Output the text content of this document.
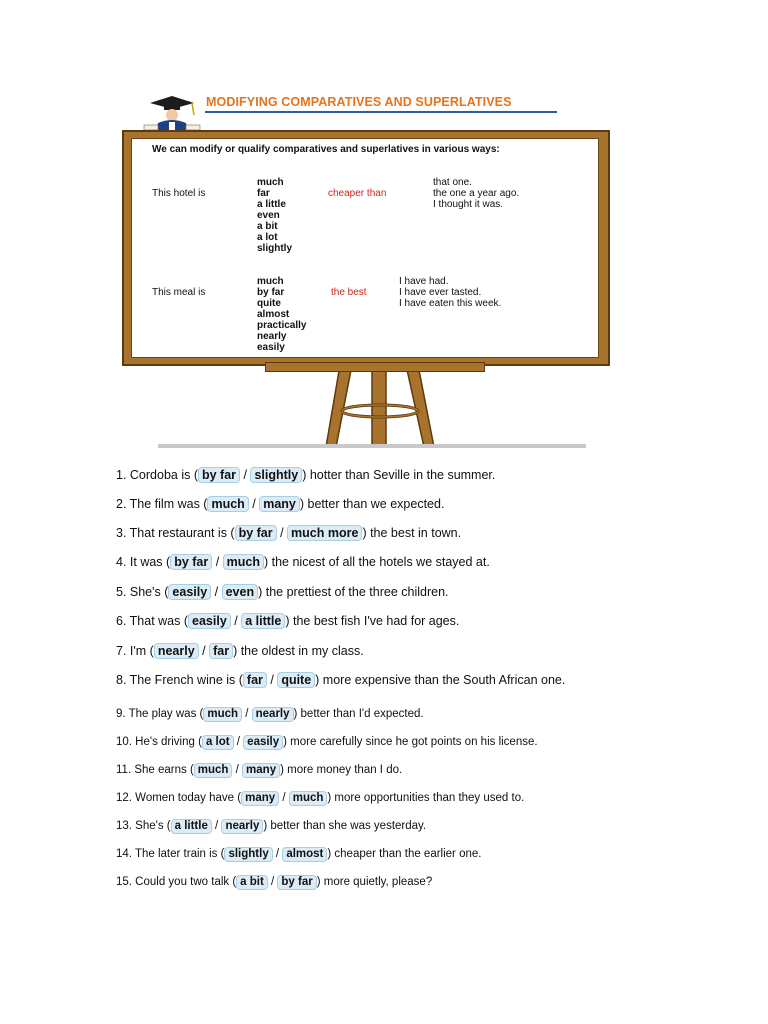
MODIFYING COMPARATIVES AND SUPERLATIVES
We can modify or qualify comparatives and superlatives in various ways:
This hotel is
much
far
a little
even
a bit
a lot
slightly
cheaper than
that one.
the one a year ago.
I thought it was.
This meal is
much
by far
quite
almost
practically
nearly
easily
the best
I have had.
I have ever tasted.
I have eaten this week.
1. Cordoba is ( by far / slightly ) hotter than Seville in the summer.
2. The film was ( much / many ) better than we expected.
3. That restaurant is ( by far / much more ) the best in town.
4. It was ( by far / much ) the nicest of all the hotels we stayed at.
5. She's ( easily / even ) the prettiest of the three children.
6. That was ( easily / a little ) the best fish I've had for ages.
7. I'm ( nearly / far ) the oldest in my class.
8. The French wine is ( far / quite ) more expensive than the South African one.
9. The play was ( much / nearly ) better than I'd expected.
10. He's driving ( a lot / easily ) more carefully since he got points on his license.
11. She earns ( much / many ) more money than I do.
12. Women today have ( many / much ) more opportunities than they used to.
13. She's ( a little / nearly ) better than she was yesterday.
14. The later train is ( slightly / almost ) cheaper than the earlier one.
15. Could you two talk ( a bit / by far ) more quietly, please?
